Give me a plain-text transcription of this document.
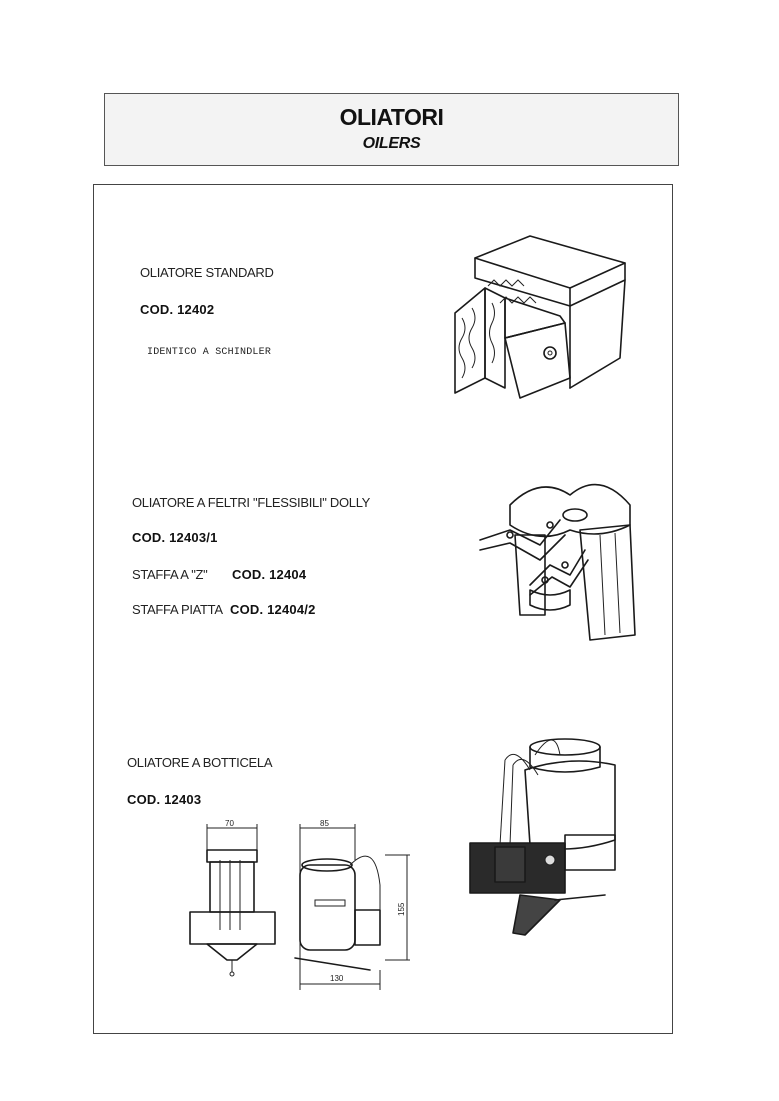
OLIATORI
OILERS
OLIATORE STANDARD
COD. 12402
IDENTICO A SCHINDLER
OLIATORE A FELTRI "FLESSIBILI" DOLLY
COD. 12403/1
STAFFA A "Z" COD. 12404
STAFFA PIATTA COD. 12404/2
OLIATORE A BOTTICELA
COD. 12403
70	85
155
130
